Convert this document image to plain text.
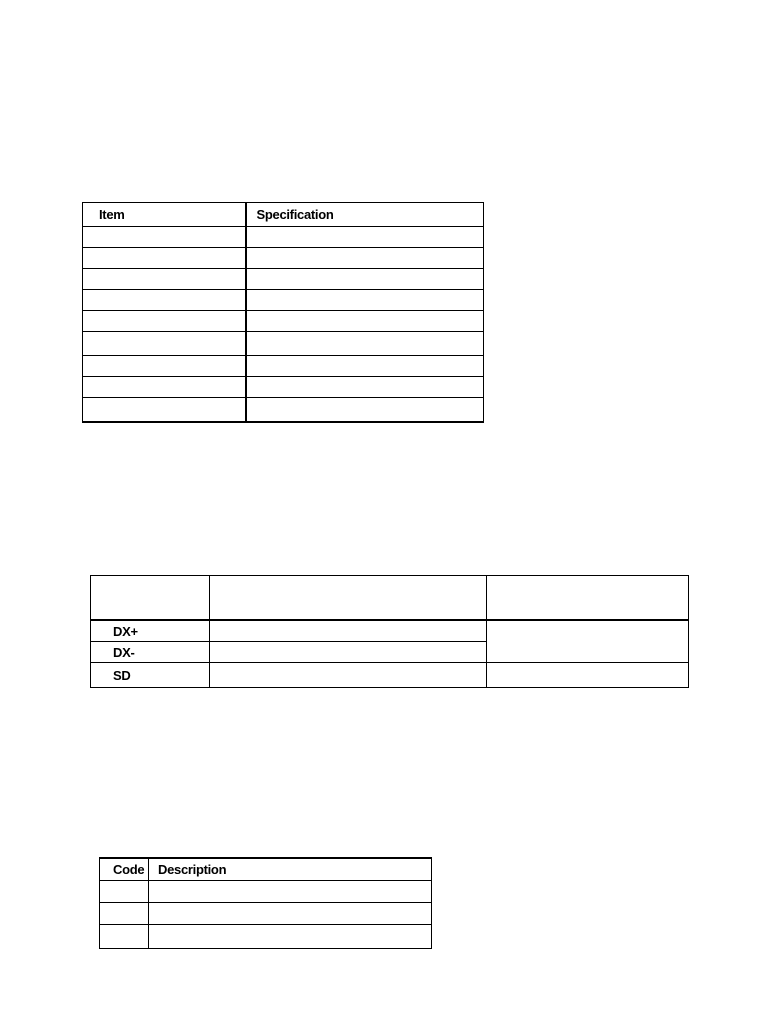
Item	Specification

DX+		
DX-		
SD		
Code	Description
